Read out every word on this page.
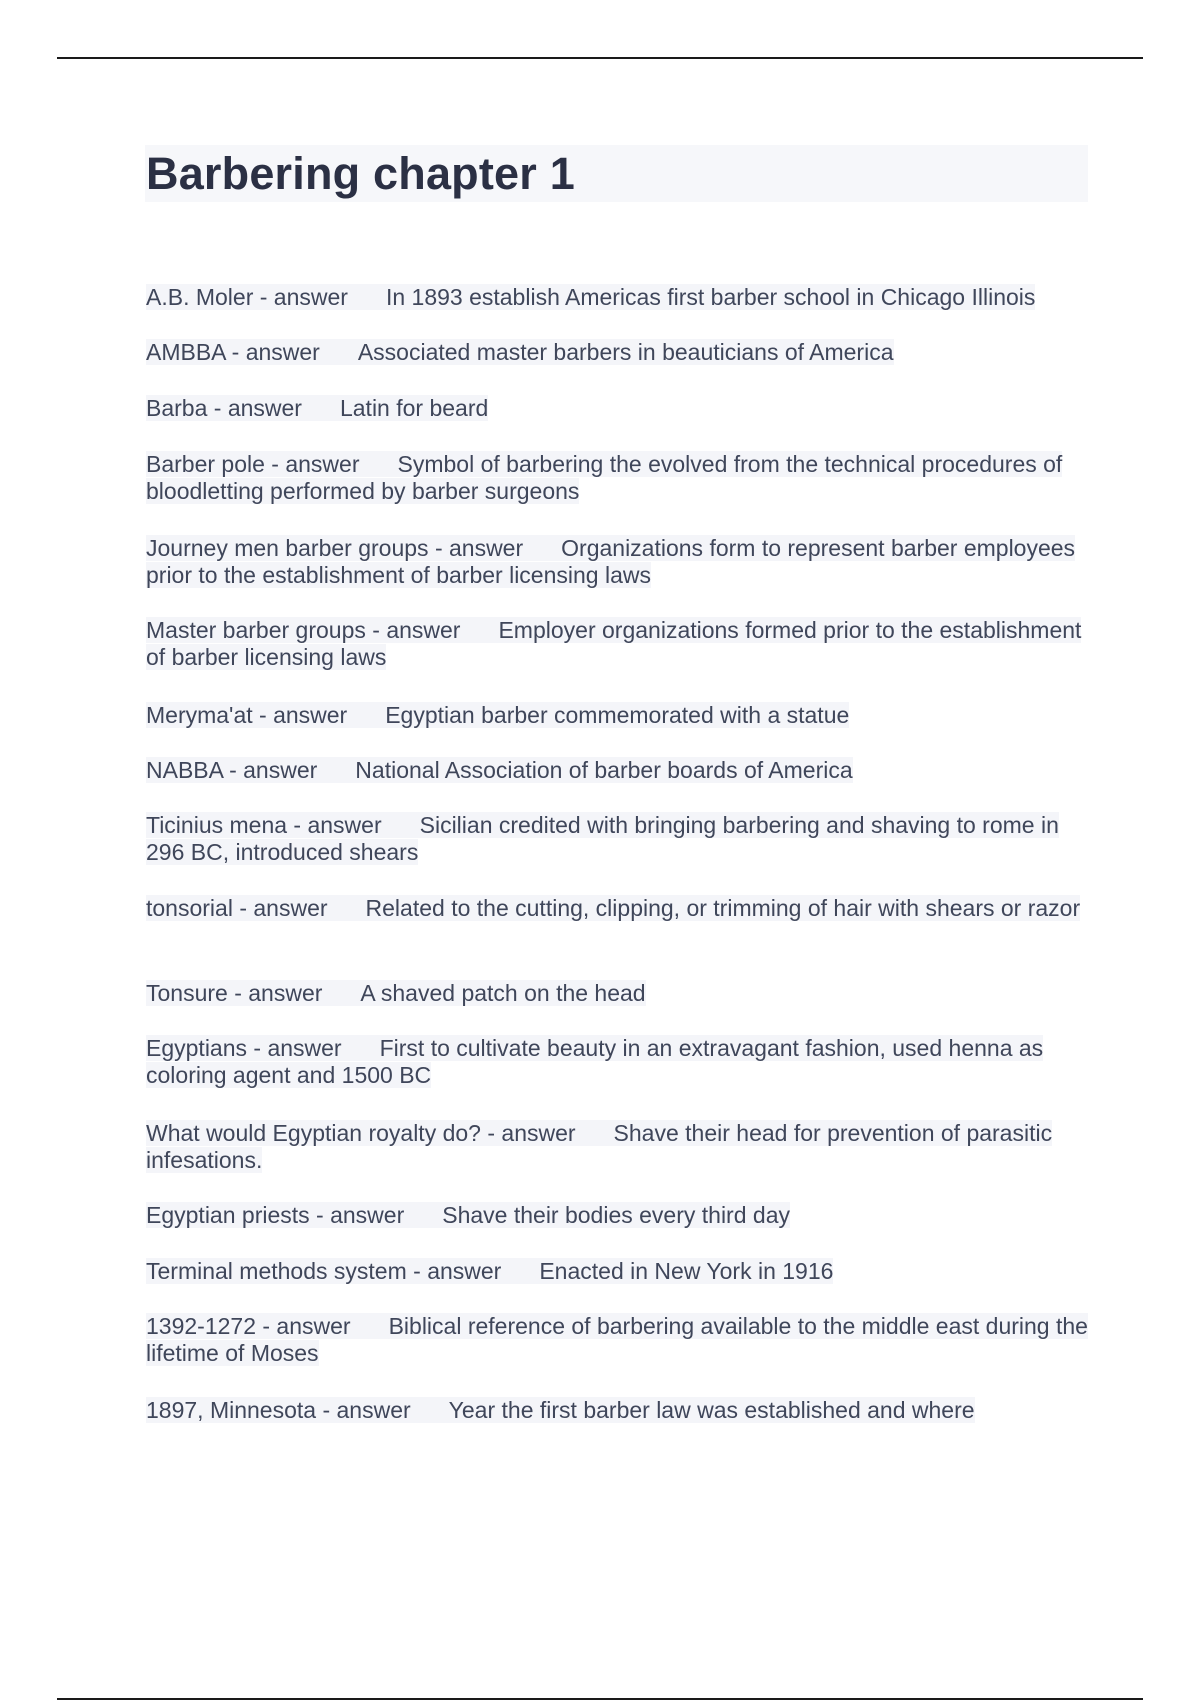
Barbering chapter 1

A.B. Moler - answer In 1893 establish Americas first barber school in Chicago Illinois

AMBBA - answer Associated master barbers in beauticians of America

Barba - answer Latin for beard

Barber pole - answer Symbol of barbering the evolved from the technical procedures of bloodletting performed by barber surgeons

Journey men barber groups - answer Organizations form to represent barber employees prior to the establishment of barber licensing laws

Master barber groups - answer Employer organizations formed prior to the establishment of barber licensing laws

Meryma'at - answer Egyptian barber commemorated with a statue

NABBA - answer National Association of barber boards of America

Ticinius mena - answer Sicilian credited with bringing barbering and shaving to rome in 296 BC, introduced shears

tonsorial - answer Related to the cutting, clipping, or trimming of hair with shears or razor

Tonsure - answer A shaved patch on the head

Egyptians - answer First to cultivate beauty in an extravagant fashion, used henna as coloring agent and 1500 BC

What would Egyptian royalty do? - answer Shave their head for prevention of parasitic infesations.

Egyptian priests - answer Shave their bodies every third day

Terminal methods system - answer Enacted in New York in 1916

1392-1272 - answer Biblical reference of barbering available to the middle east during the lifetime of Moses

1897, Minnesota - answer Year the first barber law was established and where
